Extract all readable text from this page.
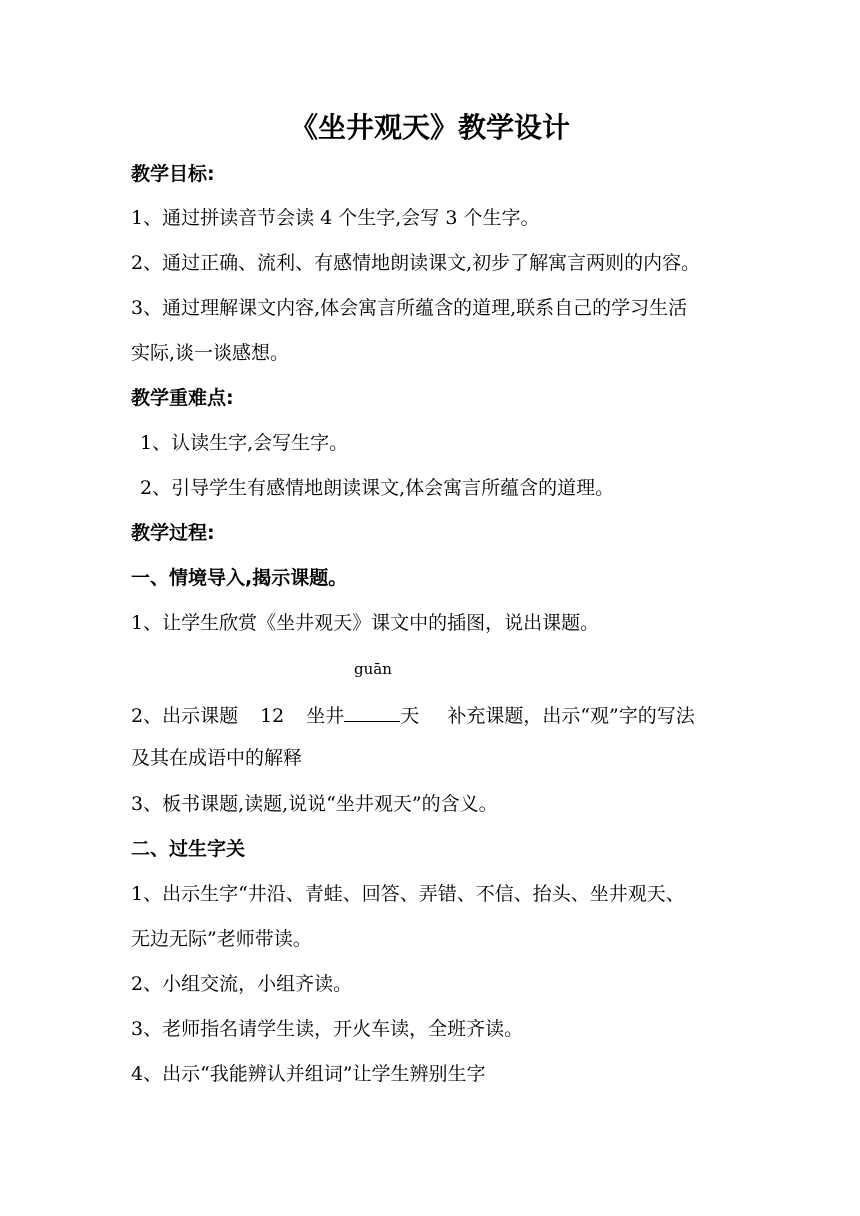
《坐井观天》教学设计

教学目标:

1、通过拼读音节会读 4 个生字,会写 3 个生字。

2、通过正确、流利、有感情地朗读课文,初步了解寓言两则的内容。

3、通过理解课文内容,体会寓言所蕴含的道理,联系自己的学习生活

实际,谈一谈感想。

教学重难点:

1、认读生字,会写生字。

2、引导学生有感情地朗读课文,体会寓言所蕴含的道理。

教学过程:

一、情境导入,揭示课题。

1、让学生欣赏《坐井观天》课文中的插图，说出课题。

guān

2、出示课题 12 坐井	天 补充课题，出示“观”字的写法

及其在成语中的解释

3、板书课题,读题,说说“坐井观天”的含义。

二、过生字关

1、出示生字“井沿、青蛙、回答、弄错、不信、抬头、坐井观天、

无边无际”老师带读。

2、小组交流，小组齐读。

3、老师指名请学生读，开火车读，全班齐读。

4、出示“我能辨认并组词”让学生辨别生字
